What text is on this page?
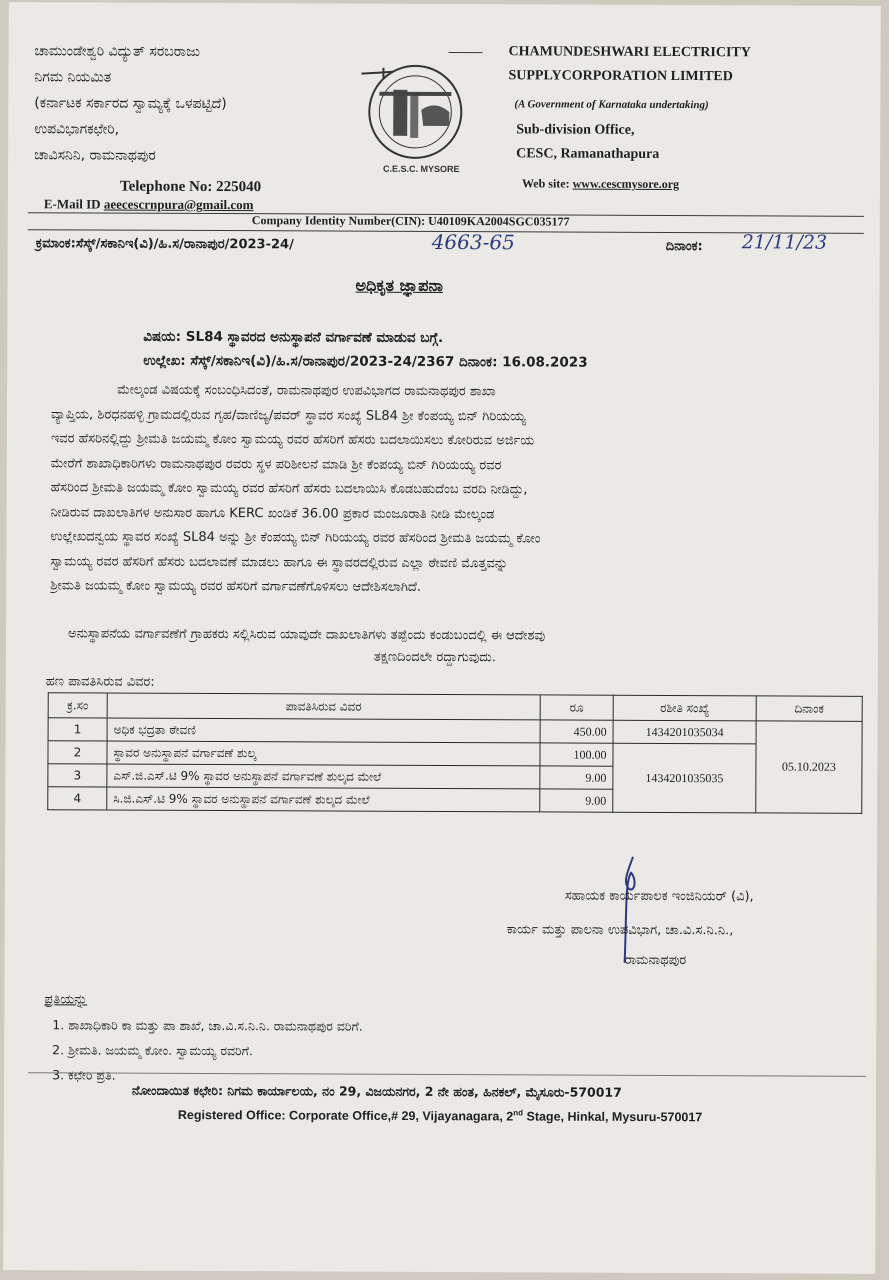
ಚಾಮುಂಡೇಶ್ವರಿ ವಿದ್ಯುತ್ ಸರಬರಾಜು
ನಿಗಮ ನಿಯಮಿತ
(ಕರ್ನಾಟಕ ಸರ್ಕಾರದ ಸ್ವಾಮ್ಯಕ್ಕೆ ಒಳಪಟ್ಟಿದೆ)
ಉಪವಿಭಾಗಕಛೇರಿ,
ಚಾವಿಸನಿನಿ, ರಾಮನಾಥಪುರ
Telephone No: 225040
E-Mail ID aeecescrnpura@gmail.com
C.E.S.C. MYSORE
CHAMUNDESHWARI ELECTRICITY
SUPPLYCORPORATION LIMITED
(A Government of Karnataka undertaking)
Sub-division Office,
CESC, Ramanathapura
Web site: www.cescmysore.org
Company Identity Number(CIN): U40109KA2004SGC035177
ಕ್ರಮಾಂಕ:ಸೆಸ್ಕ್/ಸಕಾನಿಇ(ವಿ)/ಹಿ.ಸ/ರಾನಾಪುರ/2023-24/	4663-65	ದಿನಾಂಕ: 21/11/23
ಅಧಿಕೃತ ಜ್ಞಾಪನಾ
ವಿಷಯ: SL84 ಸ್ಥಾವರದ ಅನುಸ್ಥಾಪನೆ ವರ್ಗಾವಣೆ ಮಾಡುವ ಬಗ್ಗೆ.
ಉಲ್ಲೇಖ: ಸೆಸ್ಕ್/ಸಕಾನಿಇ(ವಿ)/ಹಿ.ಸ/ರಾನಾಪುರ/2023-24/2367 ದಿನಾಂಕ: 16.08.2023
ಮೇಲ್ಕಂಡ ವಿಷಯಕ್ಕೆ ಸಂಬಂಧಿಸಿದಂತೆ, ರಾಮನಾಥಪುರ ಉಪವಿಭಾಗದ ರಾಮನಾಥಪುರ ಶಾಖಾ
ವ್ಯಾಪ್ತಿಯ, ಶಿರಧನಹಳ್ಳಿ ಗ್ರಾಮದಲ್ಲಿರುವ ಗೃಹ/ವಾಣಿಜ್ಯ/ಪವರ್ ಸ್ಥಾವರ ಸಂಖ್ಯೆ SL84 ಶ್ರೀ ಕೆಂಪಯ್ಯ ಬಿನ್ ಗಿರಿಯಯ್ಯ
ಇವರ ಹೆಸರಿನಲ್ಲಿದ್ದು ಶ್ರೀಮತಿ ಜಯಮ್ಮ ಕೋಂ ಸ್ವಾಮಯ್ಯ ರವರ ಹೆಸರಿಗೆ ಹೆಸರು ಬದಲಾಯಿಸಲು ಕೋರಿರುವ ಅರ್ಜಿಯ
ಮೇರೆಗೆ ಶಾಖಾಧಿಕಾರಿಗಳು ರಾಮನಾಥಪುರ ರವರು ಸ್ಥಳ ಪರಿಶೀಲನೆ ಮಾಡಿ ಶ್ರೀ ಕೆಂಪಯ್ಯ ಬಿನ್ ಗಿರಿಯಯ್ಯ ರವರ
ಹೆಸರಿಂದ ಶ್ರೀಮತಿ ಜಯಮ್ಮ ಕೋಂ ಸ್ವಾಮಯ್ಯ ರವರ ಹೆಸರಿಗೆ ಹೆಸರು ಬದಲಾಯಿಸಿ ಕೊಡಬಹುದೆಂಬ ವರದಿ ನೀಡಿದ್ದು,
ನೀಡಿರುವ ದಾಖಲಾತಿಗಳ ಅನುಸಾರ ಹಾಗೂ KERC ಖಂಡಿಕೆ 36.00 ಪ್ರಕಾರ ಮಂಜೂರಾತಿ ನೀಡಿ ಮೇಲ್ಕಂಡ
ಉಲ್ಲೇಖದನ್ವಯ ಸ್ಥಾವರ ಸಂಖ್ಯೆ SL84 ಅನ್ನು ಶ್ರೀ ಕೆಂಪಯ್ಯ ಬಿನ್ ಗಿರಿಯಯ್ಯ ರವರ ಹೆಸರಿಂದ ಶ್ರೀಮತಿ ಜಯಮ್ಮ ಕೋಂ
ಸ್ವಾಮಯ್ಯ ರವರ ಹೆಸರಿಗೆ ಹೆಸರು ಬದಲಾವಣೆ ಮಾಡಲು ಹಾಗೂ ಈ ಸ್ಥಾವರದಲ್ಲಿರುವ ಎಲ್ಲಾ ಠೇವಣಿ ಮೊತ್ತವನ್ನು
ಶ್ರೀಮತಿ ಜಯಮ್ಮ ಕೋಂ ಸ್ವಾಮಯ್ಯ ರವರ ಹೆಸರಿಗೆ ವರ್ಗಾವಣೆಗೊಳಿಸಲು ಆದೇಶಿಸಲಾಗಿದೆ.
ಅನುಸ್ಥಾಪನೆಯ ವರ್ಗಾವಣೆಗೆ ಗ್ರಾಹಕರು ಸಲ್ಲಿಸಿರುವ ಯಾವುದೇ ದಾಖಲಾತಿಗಳು ತಪ್ಪೆಂದು ಕಂಡುಬಂದಲ್ಲಿ ಈ ಆದೇಶವು
ತಕ್ಷಣದಿಂದಲೇ ರದ್ದಾಗುವುದು.
ಹಣ ಪಾವತಿಸಿರುವ ವಿವರ:
ಕ್ರ.ಸಂ	ಪಾವತಿಸಿರುವ ವಿವರ	ರೂ	ರಶೀತಿ ಸಂಖ್ಯೆ	ದಿನಾಂಕ
1	ಅಧಿಕ ಭದ್ರತಾ ಠೇವಣಿ	450.00	1434201035034	05.10.2023
2	ಸ್ಥಾವರ ಅನುಸ್ಥಾಪನೆ ವರ್ಗಾವಣೆ ಶುಲ್ಕ	100.00	1434201035035	
3	ಎಸ್.ಜಿ.ಎಸ್.ಟಿ 9% ಸ್ಥಾವರ ಅನುಸ್ಥಾಪನೆ ವರ್ಗಾವಣೆ ಶುಲ್ಕದ ಮೇಲೆ	9.00		
4	ಸಿ.ಜಿ.ಎಸ್.ಟಿ 9% ಸ್ಥಾವರ ಅನುಸ್ಥಾಪನೆ ವರ್ಗಾವಣೆ ಶುಲ್ಕದ ಮೇಲೆ	9.00		
ಸಹಾಯಕ ಕಾರ್ಯಪಾಲಕ ಇಂಜಿನಿಯರ್ (ವಿ),
ಕಾರ್ಯ ಮತ್ತು ಪಾಲನಾ ಉಪವಿಭಾಗ, ಚಾ.ವಿ.ಸ.ನಿ.ನಿ.,
ರಾಮನಾಥಪುರ
ಪ್ರತಿಯನ್ನು
1. ಶಾಖಾಧಿಕಾರಿ ಕಾ ಮತ್ತು ಪಾ ಶಾಖೆ, ಚಾ.ವಿ.ಸ.ನಿ.ನಿ. ರಾಮನಾಥಪುರ ವರಿಗೆ.
2. ಶ್ರೀಮತಿ. ಜಯಮ್ಮ ಕೋಂ. ಸ್ವಾಮಯ್ಯ ರವರಿಗೆ.
3. ಕಛೇರಿ ಪ್ರತಿ.
ನೋಂದಾಯಿತ ಕಛೇರಿ: ನಿಗಮ ಕಾರ್ಯಾಲಯ, ನಂ 29, ವಿಜಯನಗರ, 2 ನೇ ಹಂತ, ಹಿನಕಲ್, ಮೈಸೂರು-570017
Registered Office: Corporate Office,# 29, Vijayanagara, 2nd Stage, Hinkal, Mysuru-570017
